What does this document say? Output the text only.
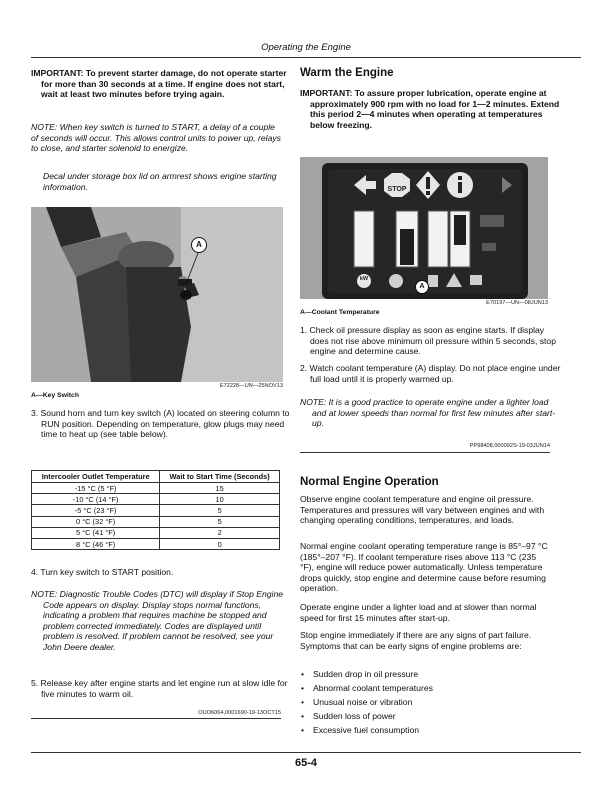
Operating the Engine
IMPORTANT: To prevent starter damage, do not operate starter for more than 30 seconds at a time. If engine does not start, wait at least two minutes before trying again.
NOTE: When key switch is turned to START, a delay of a couple of seconds will occur. This allows control units to power up, relays to close, and starter solenoid to energize.
Decal under storage box lid on armrest shows engine starting information.
A
E72228—UN—25NOV13
A—Key Switch
3. Sound horn and turn key switch (A) located on steering column to RUN position. Depending on temperature, glow plugs may need time to heat up (see table below).
Intercooler Outlet Temperature	Wait to Start Time (Seconds)
-15 °C (5 °F)	15
-10 °C (14 °F)	10
-5 °C (23 °F)	5
0 °C (32 °F)	5
5 °C (41 °F)	2
8 °C (46 °F)	0
4. Turn key switch to START position.
NOTE: Diagnostic Trouble Codes (DTC) will display if Stop Engine Code appears on display. Display stops normal functions, indicating a problem that requires machine be stopped and problem corrected immediately. Codes are displayed until problem is resolved. If problem cannot be resolved, see your John Deere dealer.
5. Release key after engine starts and let engine run at slow idle for five minutes to warm oil.
OUO6064,0001690-19-13OCT15
Warm the Engine
IMPORTANT: To assure proper lubrication, operate engine at approximately 900 rpm with no load for 1—2 minutes. Extend this period 2—4 minutes when operating at temperatures below freezing.
STOP
kW
A
E70197—UN—08JUN13
A—Coolant Temperature
1. Check oil pressure display as soon as engine starts. If display does not rise above minimum oil pressure within 5 seconds, stop engine and determine cause.
2. Watch coolant temperature (A) display. Do not place engine under full load until it is properly warmed up.
NOTE: It is a good practice to operate engine under a lighter load and at lower speeds than normal for first few minutes after start-up.
PP98408,000092S-19-03JUN14
Normal Engine Operation
Observe engine coolant temperature and engine oil pressure. Temperatures and pressures will vary between engines and with changing operating conditions, temperatures, and loads.
Normal engine coolant operating temperature range is 85°–97 °C (185°–207 °F). If coolant temperature rises above 113 °C (235 °F), engine will reduce power automatically. Unless temperature drops quickly, stop engine and determine cause before resuming operation.
Operate engine under a lighter load and at slower than normal speed for first 15 minutes after start-up.
Stop engine immediately if there are any signs of part failure. Symptoms that can be early signs of engine problems are:
• Sudden drop in oil pressure
• Abnormal coolant temperatures
• Unusual noise or vibration
• Sudden loss of power
• Excessive fuel consumption
65-4
